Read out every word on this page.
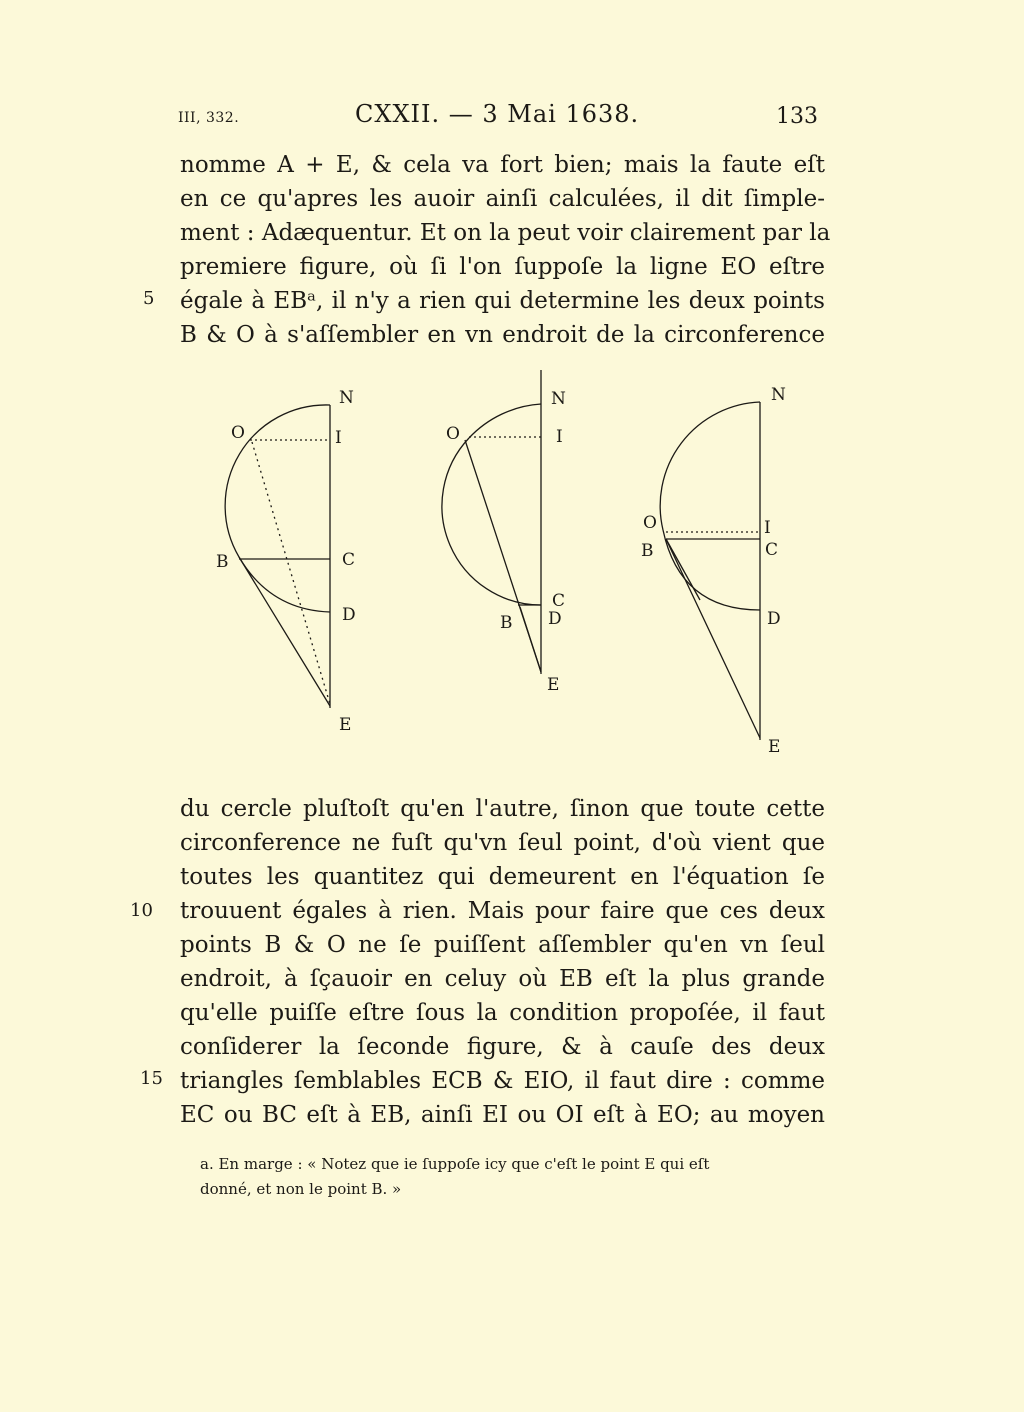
III, 332.	CXXII. — 3 Mai 1638.	133
nomme A + E, & cela va fort bien; mais la faute eſt
en ce qu'apres les auoir ainſi calculées, il dit ſimple-
ment : Adæquentur. Et on la peut voir clairement par la
premiere figure, où ſi l'on ſuppoſe la ligne EO eſtre
égale à EBᵃ, il n'y a rien qui determine les deux points
B & O à s'aſſembler en vn endroit de la circonference
5
N
O	I
B	C
D
E
N
O	I
C
B D
E
N
O	I
B	C
D
E
du cercle pluſtoſt qu'en l'autre, ſinon que toute cette
circonference ne fuſt qu'vn ſeul point, d'où vient que
toutes les quantitez qui demeurent en l'équation ſe
trouuent égales à rien. Mais pour faire que ces deux
points B & O ne ſe puiſſent aſſembler qu'en vn ſeul
endroit, à ſçauoir en celuy où EB eſt la plus grande
qu'elle puiſſe eſtre ſous la condition propoſée, il faut
conſiderer la ſeconde figure, & à cauſe des deux
triangles ſemblables ECB & EIO, il faut dire : comme
EC ou BC eſt à EB, ainſi EI ou OI eſt à EO; au moyen
10
15
a. En marge : « Notez que ie ſuppoſe icy que c'eſt le point E qui eſt
donné, et non le point B. »
